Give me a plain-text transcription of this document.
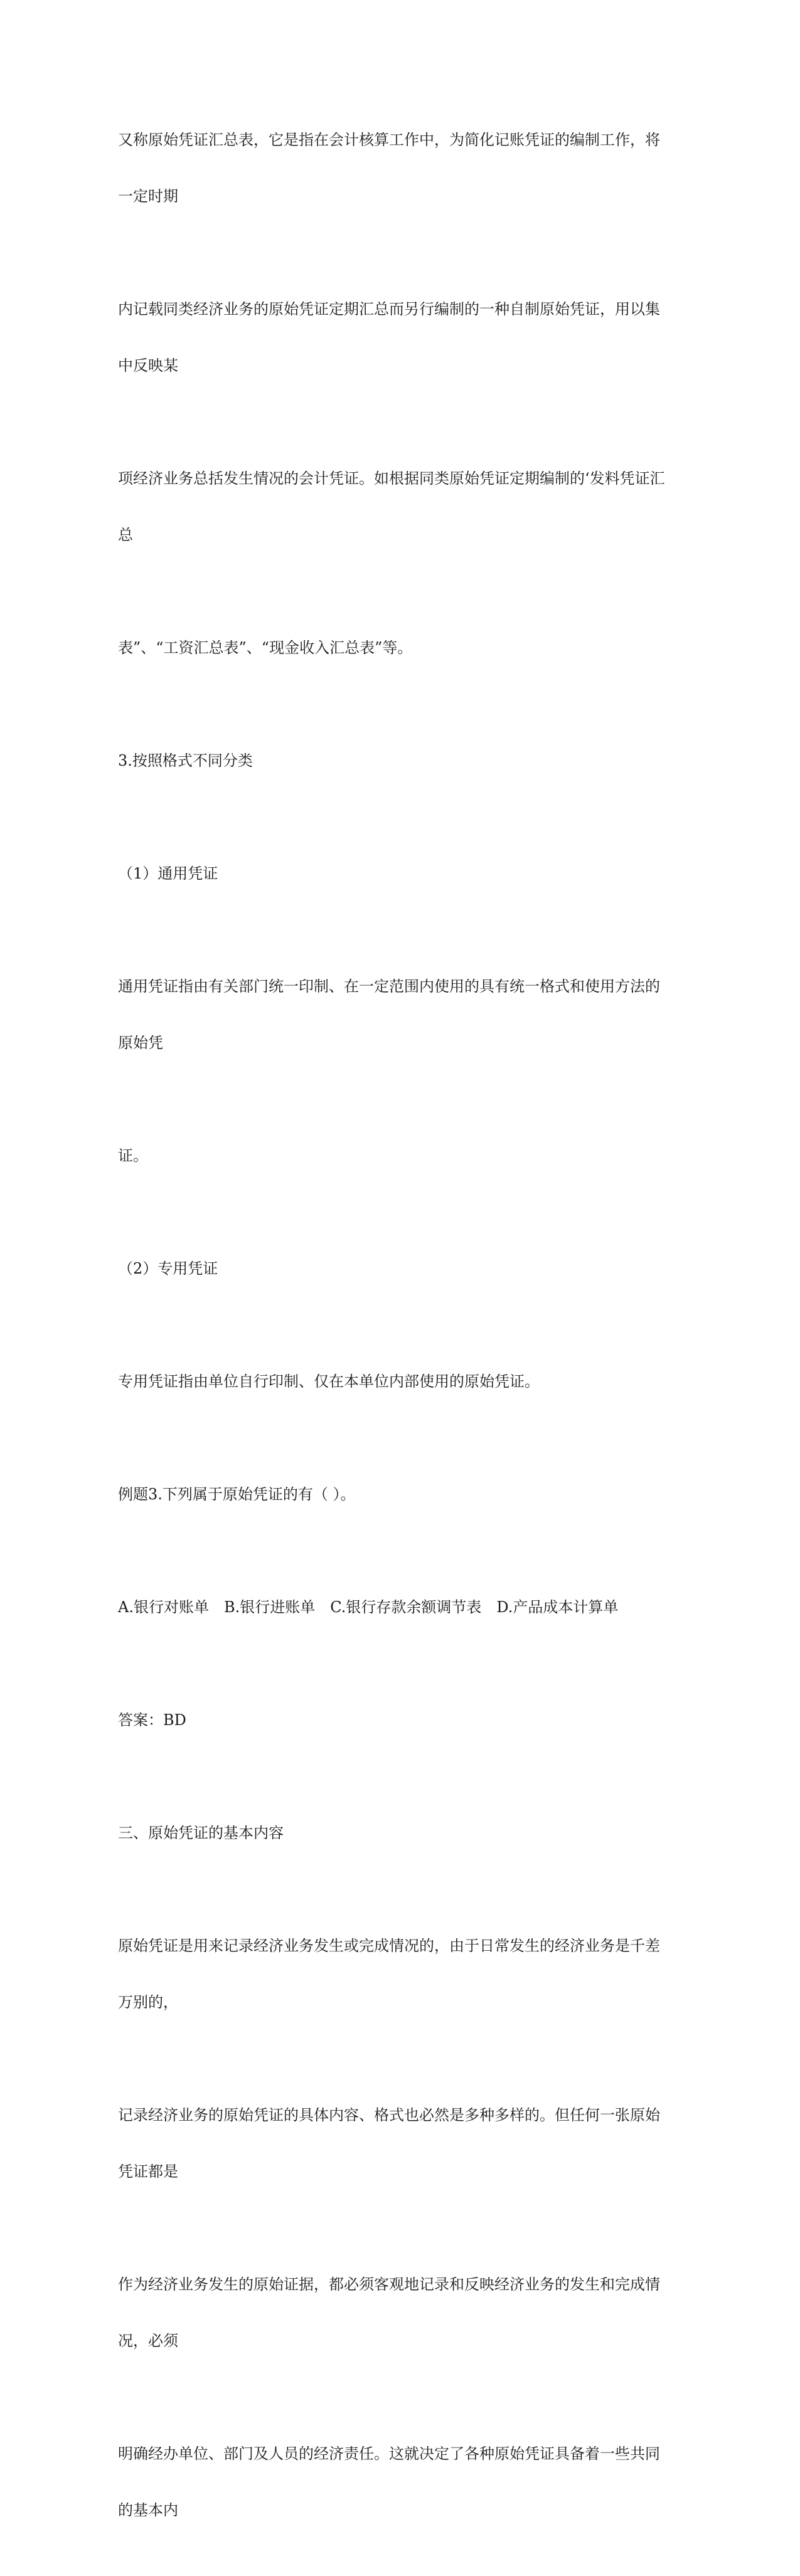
又称原始凭证汇总表，它是指在会计核算工作中，为简化记账凭证的编制工作，将

一定时期

内记载同类经济业务的原始凭证定期汇总而另行编制的一种自制原始凭证，用以集

中反映某

项经济业务总括发生情况的会计凭证。如根据同类原始凭证定期编制的‘发料凭证汇

总

表”、“工资汇总表”、“现金收入汇总表”等。

3.按照格式不同分类

（1）通用凭证

通用凭证指由有关部门统一印制、在一定范围内使用的具有统一格式和使用方法的

原始凭

证。

（2）专用凭证

专用凭证指由单位自行印制、仅在本单位内部使用的原始凭证。

例题3.下列属于原始凭证的有（ ）。

A.银行对账单　B.银行进账单　C.银行存款余额调节表　D.产品成本计算单

答案：BD

三、原始凭证的基本内容

原始凭证是用来记录经济业务发生或完成情况的，由于日常发生的经济业务是千差

万别的，

记录经济业务的原始凭证的具体内容、格式也必然是多种多样的。但任何一张原始

凭证都是

作为经济业务发生的原始证据，都必须客观地记录和反映经济业务的发生和完成情

况，必须

明确经办单位、部门及人员的经济责任。这就决定了各种原始凭证具备着一些共同

的基本内
